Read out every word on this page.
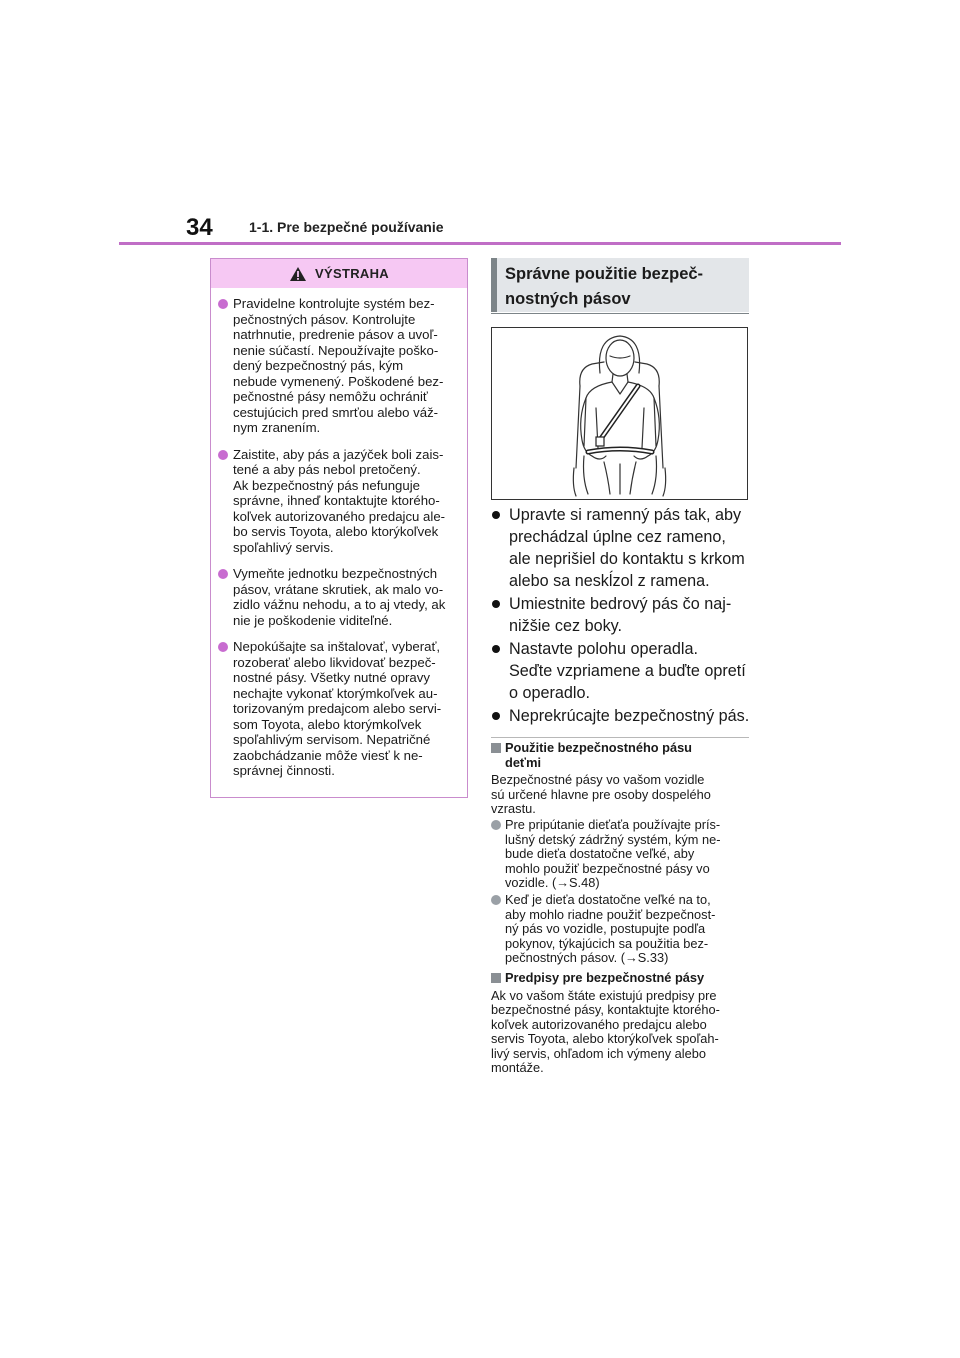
34	1-1. Pre bezpečné používanie
VÝSTRAHA
Pravidelne kontrolujte systém bez-
pečnostných pásov. Kontrolujte
natrhnutie, predrenie pásov a uvoľ-
nenie súčastí. Nepoužívajte poško-
dený bezpečnostný pás, kým
nebude vymenený. Poškodené bez-
pečnostné pásy nemôžu ochrániť
cestujúcich pred smrťou alebo váž-
nym zranením.
Zaistite, aby pás a jazýček boli zais-
tené a aby pás nebol pretočený.
Ak bezpečnostný pás nefunguje
správne, ihneď kontaktujte ktorého-
koľvek autorizovaného predajcu ale-
bo servis Toyota, alebo ktorýkoľvek
spoľahlivý servis.
Vymeňte jednotku bezpečnostných
pásov, vrátane skrutiek, ak malo vo-
zidlo vážnu nehodu, a to aj vtedy, ak
nie je poškodenie viditeľné.
Nepokúšajte sa inštalovať, vyberať,
rozoberať alebo likvidovať bezpeč-
nostné pásy. Všetky nutné opravy
nechajte vykonať ktorýmkoľvek au-
torizovaným predajcom alebo servi-
som Toyota, alebo ktorýmkoľvek
spoľahlivým servisom. Nepatričné
zaobchádzanie môže viesť k ne-
správnej činnosti.
Správne použitie bezpeč-
nostných pásov
Upravte si ramenný pás tak, aby
prechádzal úplne cez rameno,
ale neprišiel do kontaktu s krkom
alebo sa neskĺzol z ramena.
Umiestnite bedrový pás čo naj-
nižšie cez boky.
Nastavte polohu operadla.
Seďte vzpriamene a buďte opretí
o operadlo.
Neprekrúcajte bezpečnostný pás.
Použitie bezpečnostného pásu
deťmi
Bezpečnostné pásy vo vašom vozidle
sú určené hlavne pre osoby dospelého
vzrastu.
Pre pripútanie dieťaťa používajte prís-
lušný detský zádržný systém, kým ne-
bude dieťa dostatočne veľké, aby
mohlo použiť bezpečnostné pásy vo
vozidle. (→S.48)
Keď je dieťa dostatočne veľké na to,
aby mohlo riadne použiť bezpečnost-
ný pás vo vozidle, postupujte podľa
pokynov, týkajúcich sa použitia bez-
pečnostných pásov. (→S.33)
Predpisy pre bezpečnostné pásy
Ak vo vašom štáte existujú predpisy pre
bezpečnostné pásy, kontaktujte ktorého-
koľvek autorizovaného predajcu alebo
servis Toyota, alebo ktorýkoľvek spoľah-
livý servis, ohľadom ich výmeny alebo
montáže.
